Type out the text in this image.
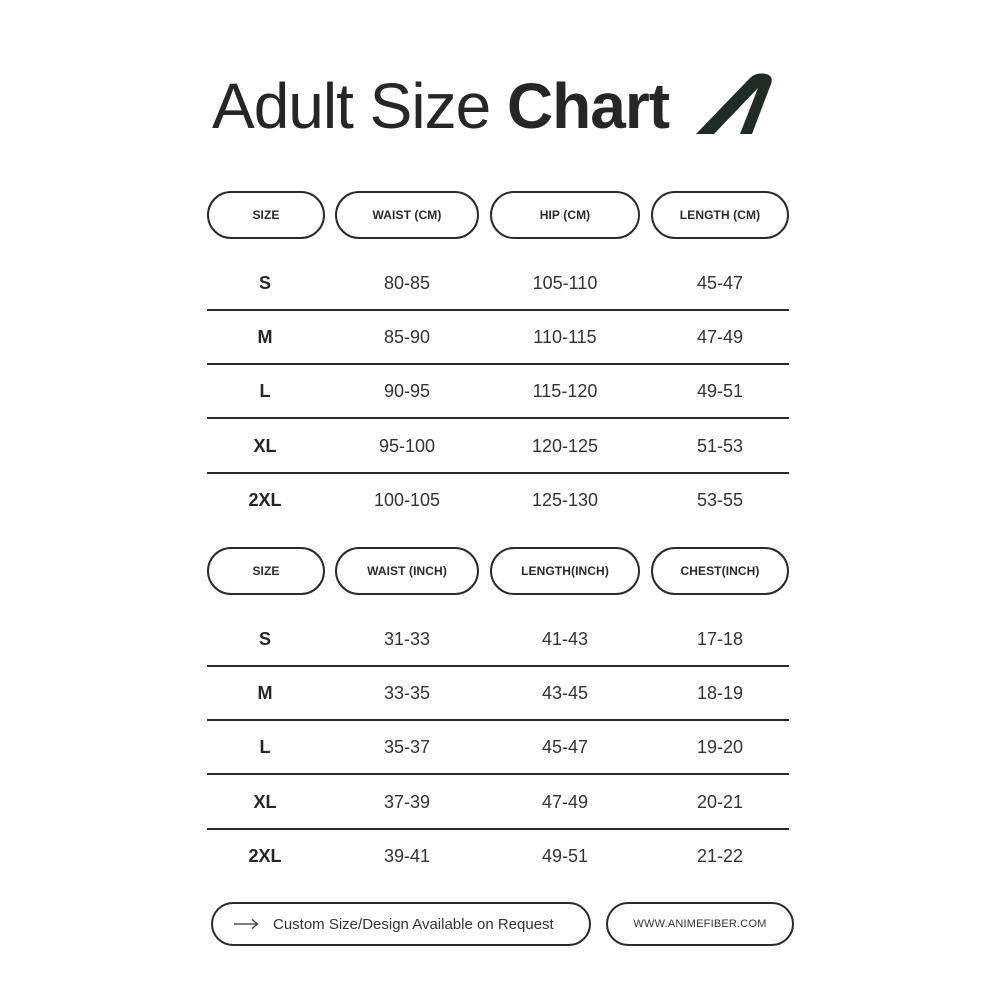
Adult Size Chart
SIZE	WAIST (CM)	HIP (CM)	LENGTH (CM)
S	80-85	105-110	45-47
M	85-90	110-115	47-49
L	90-95	115-120	49-51
XL	95-100	120-125	51-53
2XL	100-105	125-130	53-55
SIZE	WAIST (INCH)	LENGTH(INCH)	CHEST(INCH)
S	31-33	41-43	17-18
M	33-35	43-45	18-19
L	35-37	45-47	19-20
XL	37-39	47-49	20-21
2XL	39-41	49-51	21-22
Custom Size/Design Available on Request	WWW.ANIMEFIBER.COM
